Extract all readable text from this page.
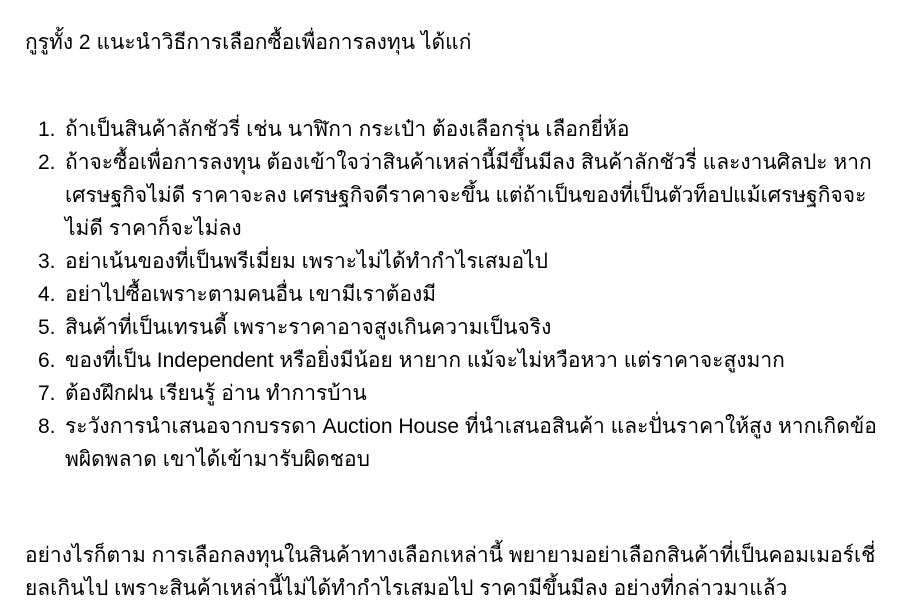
กูรูทั้ง 2 แนะนำวิธีการเลือกซื้อเพื่อการลงทุน ได้แก่
1. ถ้าเป็นสินค้าลักชัวรี่ เช่น นาฬิกา กระเป๋า ต้องเลือกรุ่น เลือกยี่ห้อ
2. ถ้าจะซื้อเพื่อการลงทุน ต้องเข้าใจว่าสินค้าเหล่านี้มีขึ้นมีลง สินค้าลักชัวรี่ และงานศิลปะ หากเศรษฐกิจไม่ดี ราคาจะลง เศรษฐกิจดีราคาจะขึ้น แต่ถ้าเป็นของที่เป็นตัวท็อปแม้เศรษฐกิจจะไม่ดี ราคาก็จะไม่ลง
3. อย่าเน้นของที่เป็นพรีเมี่ยม เพราะไม่ได้ทำกำไรเสมอไป
4. อย่าไปซื้อเพราะตามคนอื่น เขามีเราต้องมี
5. สินค้าที่เป็นเทรนดี้ เพราะราคาอาจสูงเกินความเป็นจริง
6. ของที่เป็น Independent หรือยิ่งมีน้อย หายาก แม้จะไม่หวือหวา แต่ราคาจะสูงมาก
7. ต้องฝึกฝน เรียนรู้ อ่าน ทำการบ้าน
8. ระวังการนำเสนอจากบรรดา Auction House ที่นำเสนอสินค้า และปั่นราคาให้สูง หากเกิดข้อพผิดพลาด เขาได้เข้ามารับผิดชอบ

อย่างไรก็ตาม การเลือกลงทุนในสินค้าทางเลือกเหล่านี้ พยายามอย่าเลือกสินค้าที่เป็นคอมเมอร์เชี่ยลเกินไป เพราะสินค้าเหล่านี้ไม่ได้ทำกำไรเสมอไป ราคามีขึ้นมีลง อย่างที่กล่าวมาแล้ว
